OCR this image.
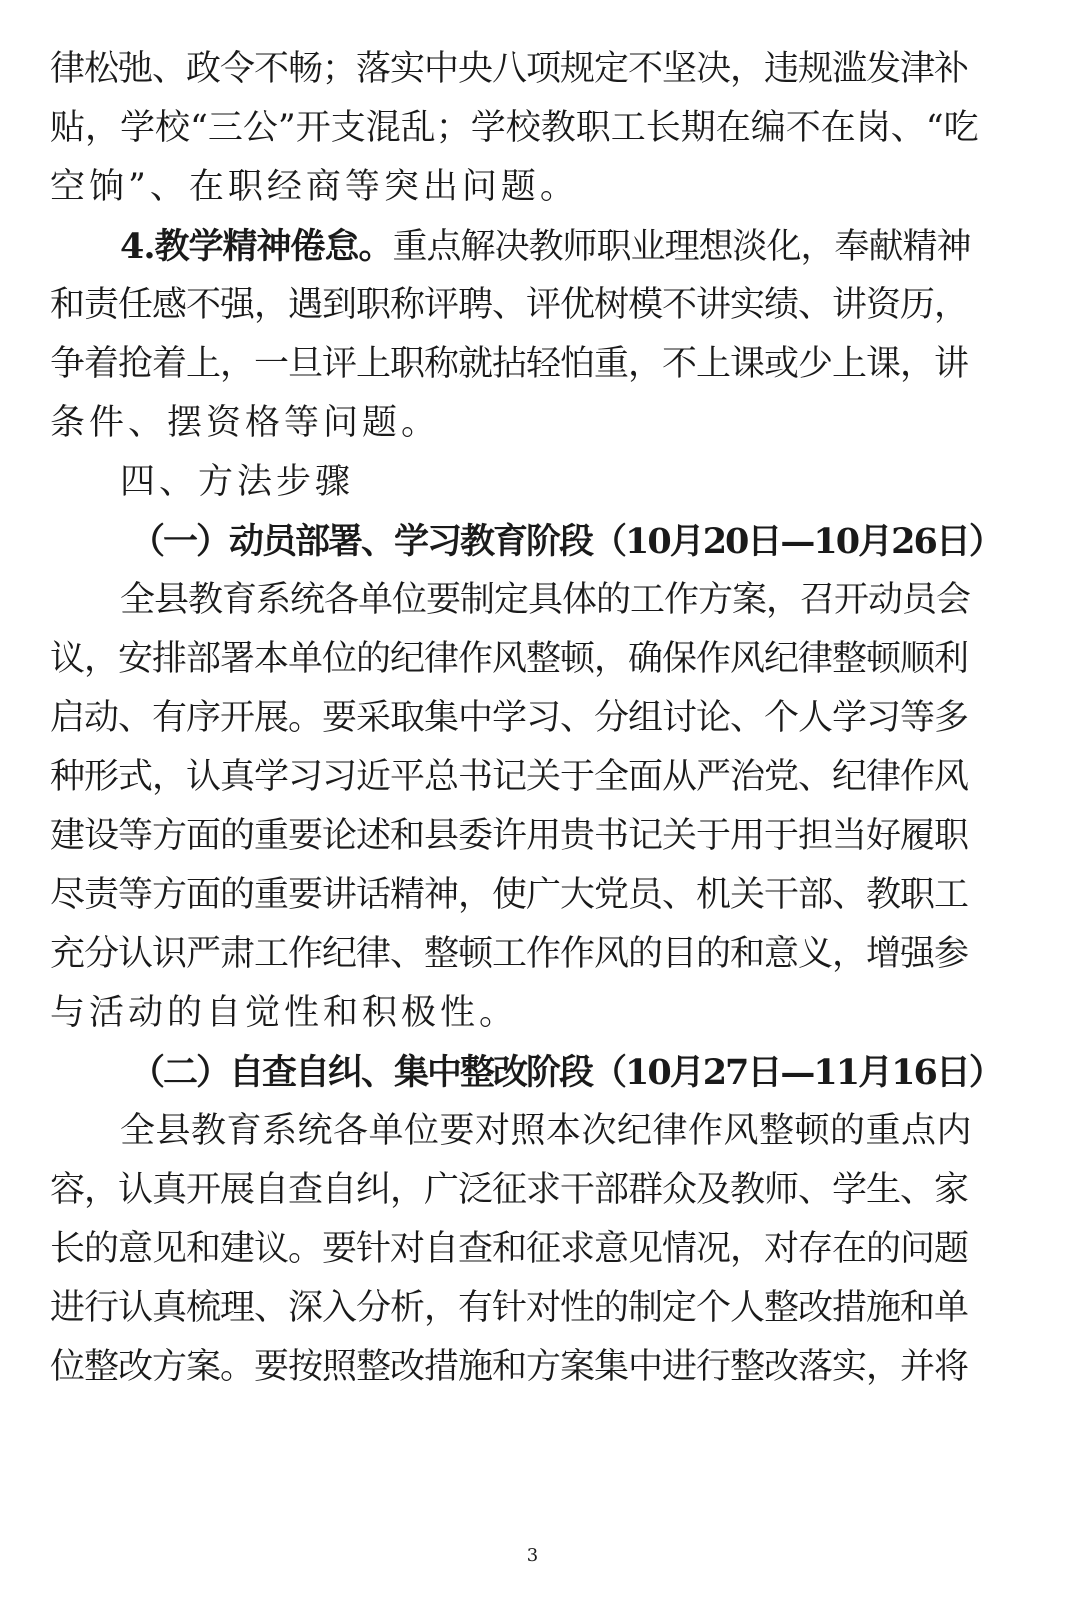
律松弛、政令不畅；落实中央八项规定不坚决，违规滥发津补
贴，学校“三公”开支混乱；学校教职工长期在编不在岗、“吃
空饷”、在职经商等突出问题。
4.教学精神倦怠。重点解决教师职业理想淡化，奉献精神
和责任感不强，遇到职称评聘、评优树模不讲实绩、讲资历，
争着抢着上，一旦评上职称就拈轻怕重，不上课或少上课，讲
条件、摆资格等问题。
四、方法步骤
（一）动员部署、学习教育阶段（10月20日—10月26日）
全县教育系统各单位要制定具体的工作方案，召开动员会
议，安排部署本单位的纪律作风整顿，确保作风纪律整顿顺利
启动、有序开展。要采取集中学习、分组讨论、个人学习等多
种形式，认真学习习近平总书记关于全面从严治党、纪律作风
建设等方面的重要论述和县委许用贵书记关于用于担当好履职
尽责等方面的重要讲话精神，使广大党员、机关干部、教职工
充分认识严肃工作纪律、整顿工作作风的目的和意义，增强参
与活动的自觉性和积极性。
（二）自查自纠、集中整改阶段（10月27日—11月16日）
全县教育系统各单位要对照本次纪律作风整顿的重点内
容，认真开展自查自纠，广泛征求干部群众及教师、学生、家
长的意见和建议。要针对自查和征求意见情况，对存在的问题
进行认真梳理、深入分析，有针对性的制定个人整改措施和单
位整改方案。要按照整改措施和方案集中进行整改落实，并将
3
